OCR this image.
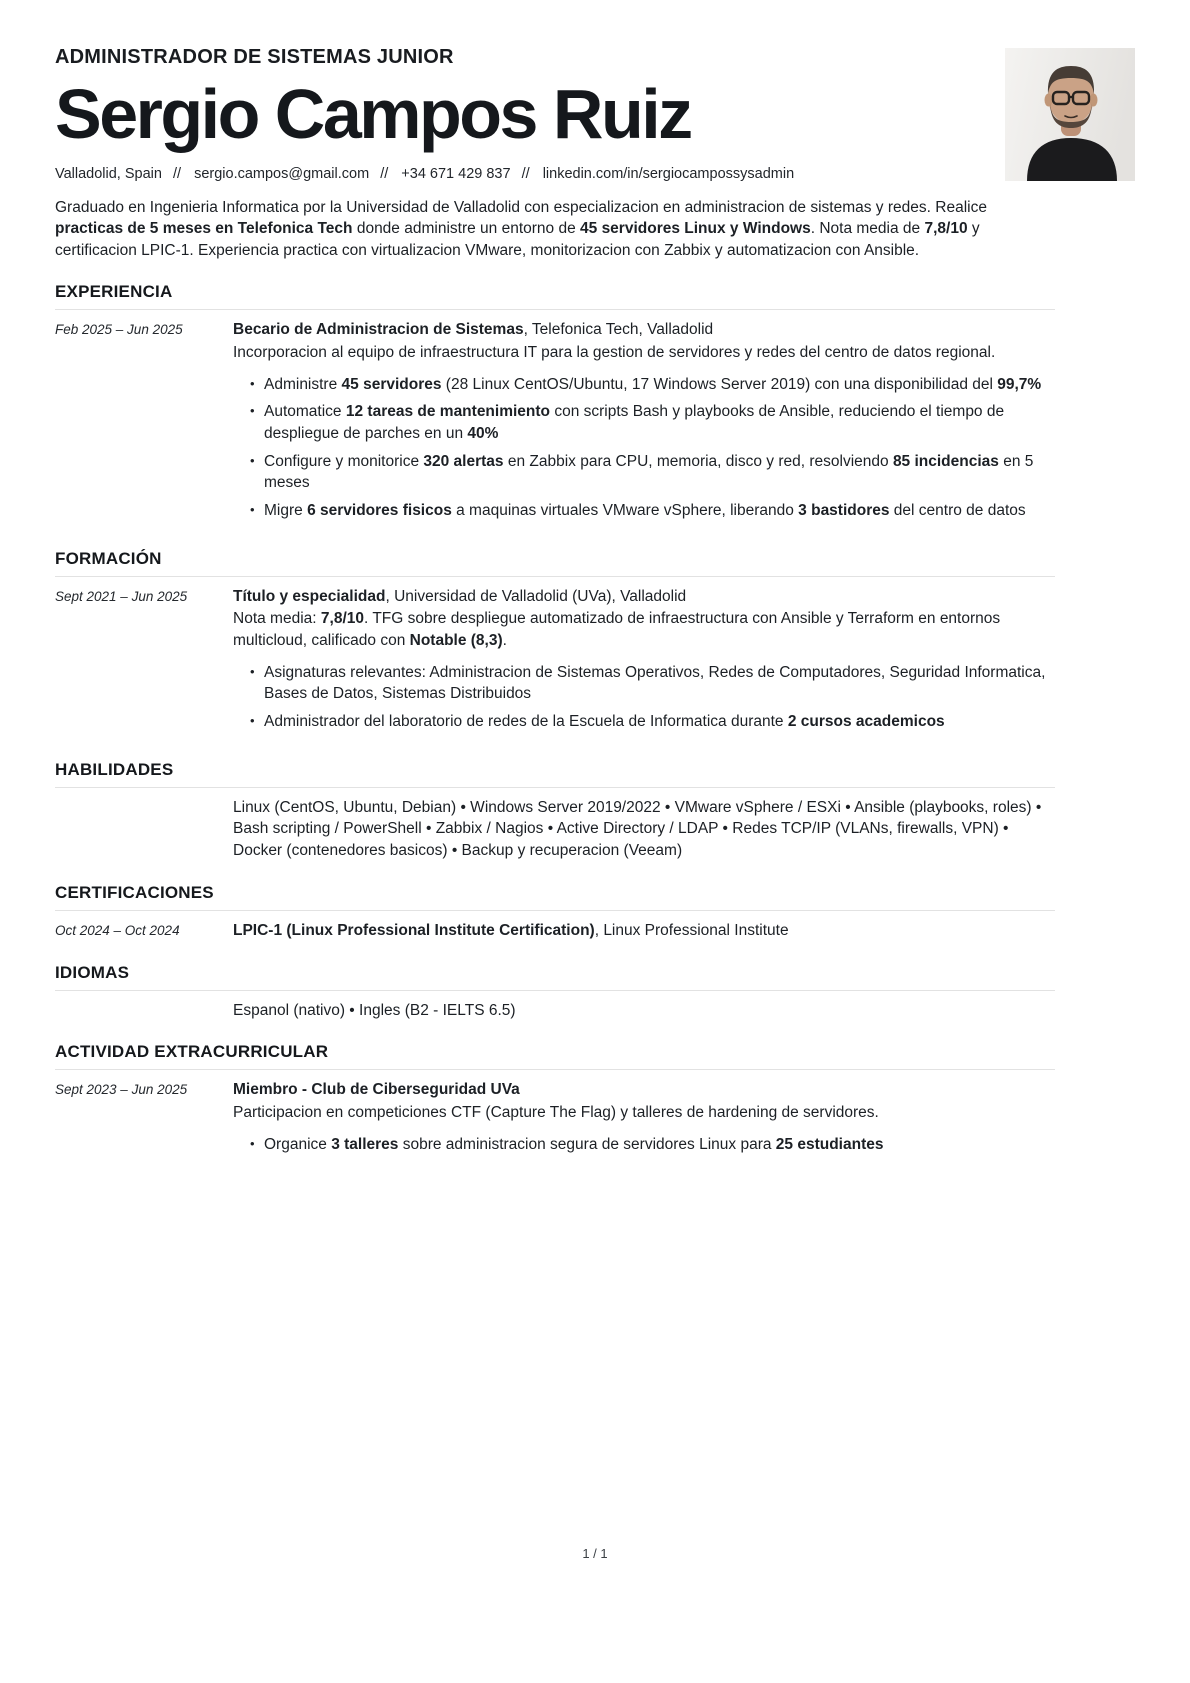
ADMINISTRADOR DE SISTEMAS JUNIOR
Sergio Campos Ruiz
Valladolid, Spain // sergio.campos@gmail.com // +34 671 429 837 // linkedin.com/in/sergiocampossysadmin

Graduado en Ingenieria Informatica por la Universidad de Valladolid con especializacion en administracion de sistemas y redes. Realice practicas de 5 meses en Telefonica Tech donde administre un entorno de 45 servidores Linux y Windows. Nota media de 7,8/10 y certificacion LPIC-1. Experiencia practica con virtualizacion VMware, monitorizacion con Zabbix y automatizacion con Ansible.

EXPERIENCIA
Feb 2025 – Jun 2025	Becario de Administracion de Sistemas, Telefonica Tech, Valladolid
Incorporacion al equipo de infraestructura IT para la gestion de servidores y redes del centro de datos regional.
• Administre 45 servidores (28 Linux CentOS/Ubuntu, 17 Windows Server 2019) con una disponibilidad del 99,7%
• Automatice 12 tareas de mantenimiento con scripts Bash y playbooks de Ansible, reduciendo el tiempo de despliegue de parches en un 40%
• Configure y monitorice 320 alertas en Zabbix para CPU, memoria, disco y red, resolviendo 85 incidencias en 5 meses
• Migre 6 servidores fisicos a maquinas virtuales VMware vSphere, liberando 3 bastidores del centro de datos
FORMACIÓN
Sept 2021 – Jun 2025	Título y especialidad, Universidad de Valladolid (UVa), Valladolid
Nota media: 7,8/10. TFG sobre despliegue automatizado de infraestructura con Ansible y Terraform en entornos multicloud, calificado con Notable (8,3).
• Asignaturas relevantes: Administracion de Sistemas Operativos, Redes de Computadores, Seguridad Informatica, Bases de Datos, Sistemas Distribuidos
• Administrador del laboratorio de redes de la Escuela de Informatica durante 2 cursos academicos
HABILIDADES
Linux (CentOS, Ubuntu, Debian) • Windows Server 2019/2022 • VMware vSphere / ESXi • Ansible (playbooks, roles) • Bash scripting / PowerShell • Zabbix / Nagios • Active Directory / LDAP • Redes TCP/IP (VLANs, firewalls, VPN) • Docker (contenedores basicos) • Backup y recuperacion (Veeam)
CERTIFICACIONES
Oct 2024 – Oct 2024	LPIC-1 (Linux Professional Institute Certification), Linux Professional Institute
IDIOMAS
Espanol (nativo) • Ingles (B2 - IELTS 6.5)
ACTIVIDAD EXTRACURRICULAR
Sept 2023 – Jun 2025	Miembro - Club de Ciberseguridad UVa
Participacion en competiciones CTF (Capture The Flag) y talleres de hardening de servidores.
• Organice 3 talleres sobre administracion segura de servidores Linux para 25 estudiantes
1 / 1
